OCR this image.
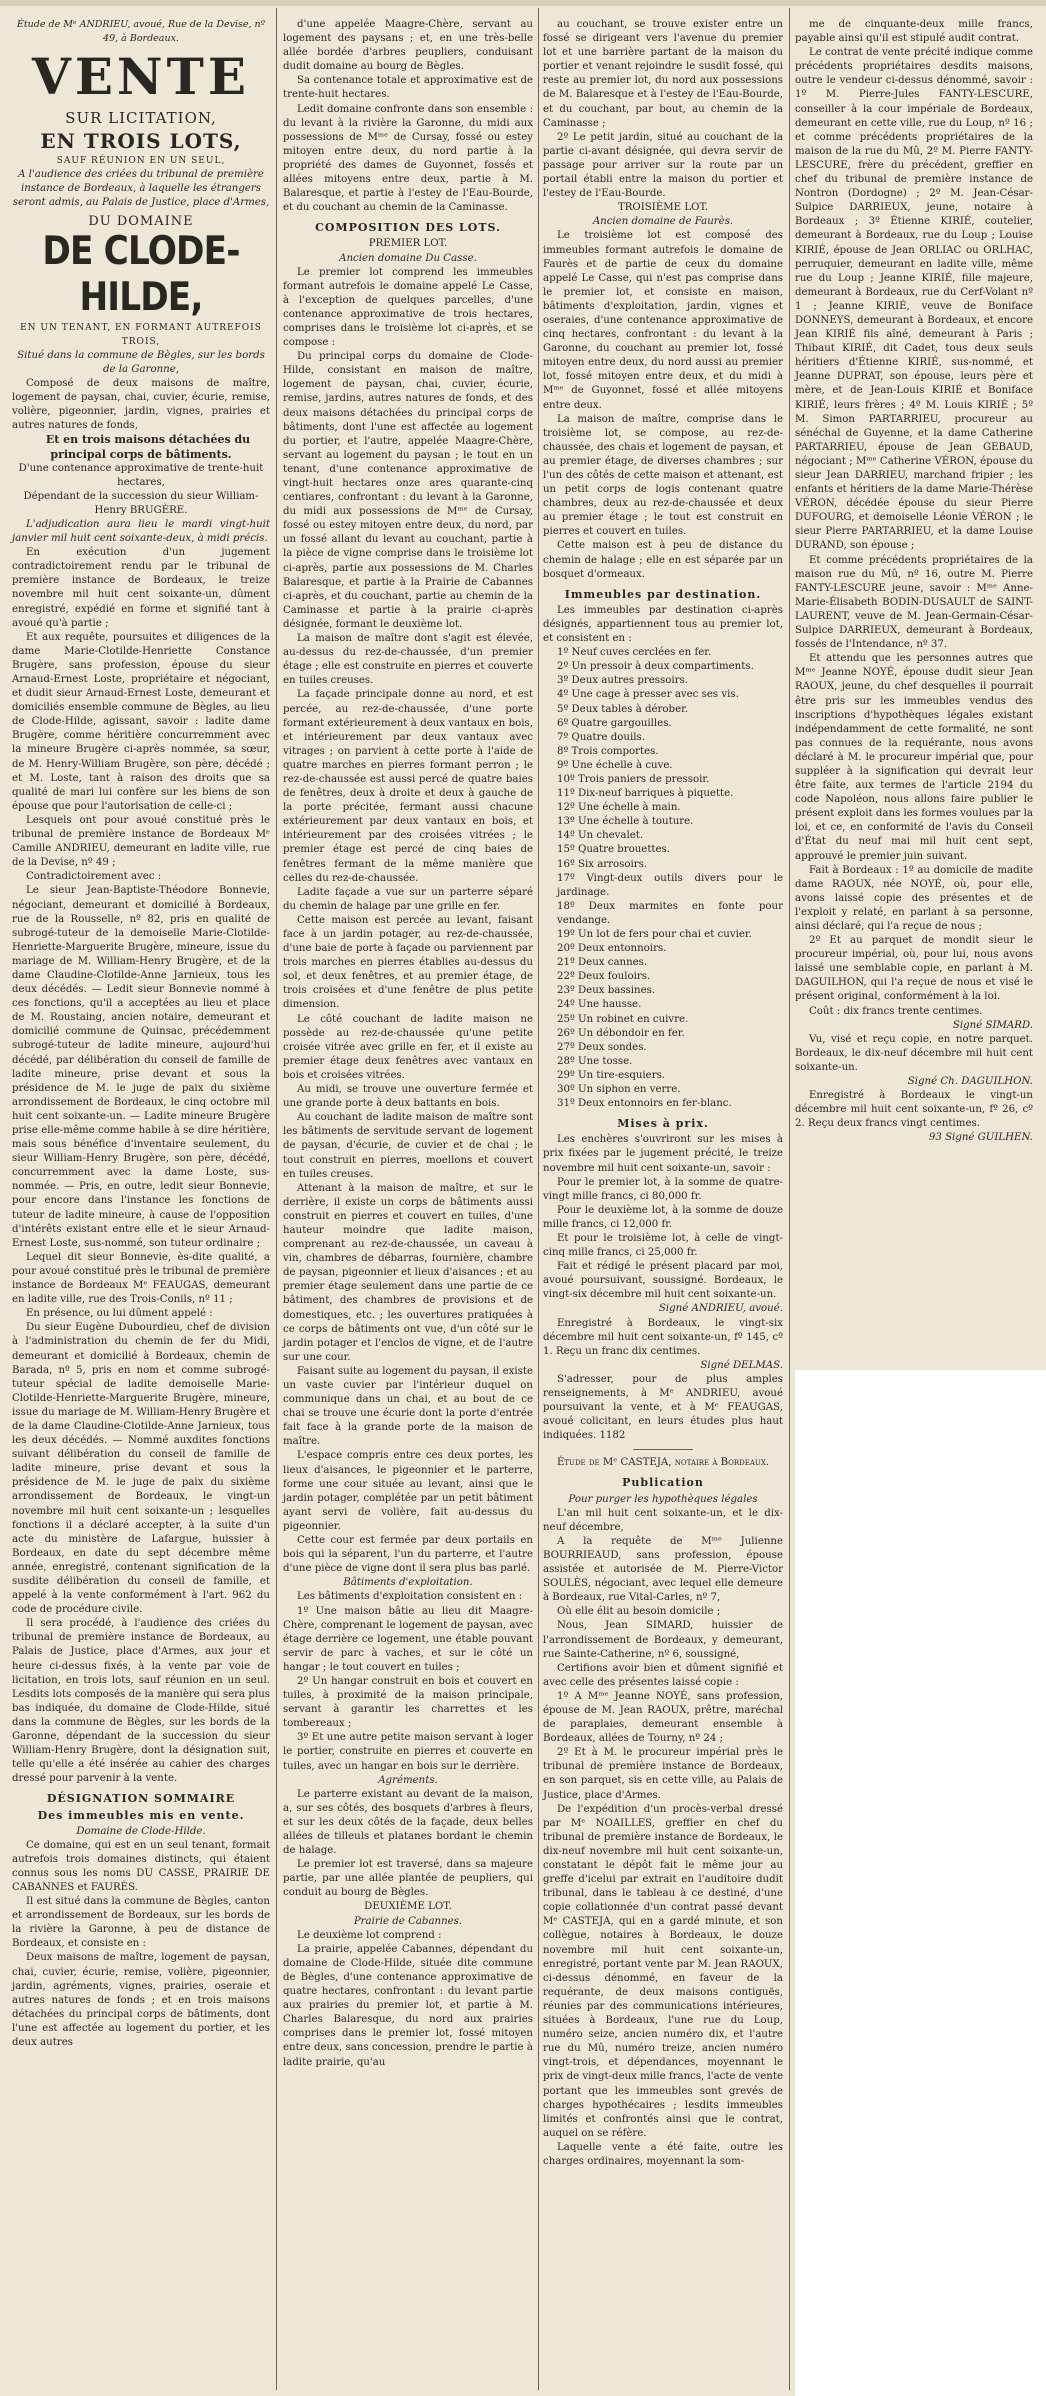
Étude de Mᵉ ANDRIEU, avoué, Rue de la Devise, nº 49, à Bordeaux.

VENTE
SUR LICITATION,
EN TROIS LOTS,
SAUF RÉUNION EN UN SEUL,

A l'audience des criées du tribunal de première instance de Bordeaux, à laquelle les étrangers seront admis, au Palais de Justice, place d'Armes,

DU DOMAINE
DE CLODE-HILDE,
EN UN TENANT, EN FORMANT AUTREFOIS TROIS,

Situé dans la commune de Bègles, sur les bords de la Garonne,

Composé de deux maisons de maître, logement de paysan, chai, cuvier, écurie, remise, volière, pigeonnier, jardin, vignes, prairies et autres natures de fonds,

Et en trois maisons détachées du principal corps de bâtiments.

D'une contenance approximative de trente-huit hectares,

Dépendant de la succession du sieur William-Henry BRUGÈRE.

L'adjudication aura lieu le mardi vingt-huit janvier mil huit cent soixante-deux, à midi précis.

En exécution d'un jugement contradictoirement rendu par le tribunal de première instance de Bordeaux, le treize novembre mil huit cent soixante-un, dûment enregistré, expédié en forme et signifié tant à avoué qu'à partie ;

Et aux requête, poursuites et diligences de la dame Marie-Clotilde-Henriette Constance Brugère, sans profession, épouse du sieur Arnaud-Ernest Loste, propriétaire et négociant, et dudit sieur Arnaud-Ernest Loste, demeurant et domiciliés ensemble commune de Bègles, au lieu de Clode-Hilde, agissant, savoir : ladite dame Brugère, comme héritière concurremment avec la mineure Brugère ci-après nommée, sa sœur, de M. Henry-William Brugère, son père, décédé ; et M. Loste, tant à raison des droits que sa qualité de mari lui confère sur les biens de son épouse que pour l'autorisation de celle-ci ;

Lesquels ont pour avoué constitué près le tribunal de première instance de Bordeaux Mᵉ Camille ANDRIEU, demeurant en ladite ville, rue de la Devise, nº 49 ;

Contradictoirement avec :

Le sieur Jean-Baptiste-Théodore Bonnevie, négociant, demeurant et domicilié à Bordeaux, rue de la Rousselle, nº 82, pris en qualité de subrogé-tuteur de la demoiselle Marie-Clotilde-Henriette-Marguerite Brugère, mineure, issue du mariage de M. William-Henry Brugère, et de la dame Claudine-Clotilde-Anne Jarnieux, tous les deux décédés. — Ledit sieur Bonnevie nommé à ces fonctions, qu'il a acceptées au lieu et place de M. Roustaing, ancien notaire, demeurant et domicilié commune de Quinsac, précédemment subrogé-tuteur de ladite mineure, aujourd'hui décédé, par délibération du conseil de famille de ladite mineure, prise devant et sous la présidence de M. le juge de paix du sixième arrondissement de Bordeaux, le cinq octobre mil huit cent soixante-un. — Ladite mineure Brugère prise elle-même comme habile à se dire héritière, mais sous bénéfice d'inventaire seulement, du sieur William-Henry Brugère, son père, décédé, concurremment avec la dame Loste, sus-nommée. — Pris, en outre, ledit sieur Bonnevie, pour encore dans l'instance les fonctions de tuteur de ladite mineure, à cause de l'opposition d'intérêts existant entre elle et le sieur Arnaud-Ernest Loste, sus-nommé, son tuteur ordinaire ;

Lequel dit sieur Bonnevie, ès-dite qualité, a pour avoué constitué près le tribunal de première instance de Bordeaux Mᵉ FEAUGAS, demeurant en ladite ville, rue des Trois-Conils, nº 11 ;

En présence, ou lui dûment appelé :

Du sieur Eugène Dubourdieu, chef de division à l'administration du chemin de fer du Midi, demeurant et domicilié à Bordeaux, chemin de Barada, nº 5, pris en nom et comme subrogé-tuteur spécial de ladite demoiselle Marie-Clotilde-Henriette-Marguerite Brugère, mineure, issue du mariage de M. William-Henry Brugère et de la dame Claudine-Clotilde-Anne Jarnieux, tous les deux décédés. — Nommé auxdites fonctions suivant délibération du conseil de famille de ladite mineure, prise devant et sous la présidence de M. le juge de paix du sixième arrondissement de Bordeaux, le vingt-un novembre mil huit cent soixante-un ; lesquelles fonctions il a déclaré accepter, à la suite d'un acte du ministère de Lafargue, huissier à Bordeaux, en date du sept décembre même année, enregistré, contenant signification de la susdite délibération du conseil de famille, et appelé à la vente conformément à l'art. 962 du code de procédure civile.

Il sera procédé, à l'audience des criées du tribunal de première instance de Bordeaux, au Palais de Justice, place d'Armes, aux jour et heure ci-dessus fixés, à la vente par voie de licitation, en trois lots, sauf réunion en un seul. Lesdits lots composés de la manière qui sera plus bas indiquée, du domaine de Clode-Hilde, situé dans la commune de Bègles, sur les bords de la Garonne, dépendant de la succession du sieur William-Henry Brugère, dont la désignation suit, telle qu'elle a été insérée au cahier des charges dressé pour parvenir à la vente.

DÉSIGNATION SOMMAIRE
Des immeubles mis en vente.

Domaine de Clode-Hilde.

Ce domaine, qui est en un seul tenant, formait autrefois trois domaines distincts, qui étaient connus sous les noms DU CASSE, PRAIRIE DE CABANNES et FAURÈS.

Il est situé dans la commune de Bègles, canton et arrondissement de Bordeaux, sur les bords de la rivière la Garonne, à peu de distance de Bordeaux, et consiste en :

Deux maisons de maître, logement de paysan, chai, cuvier, écurie, remise, volière, pigeonnier, jardin, agréments, vignes, prairies, oseraie et autres natures de fonds ; et en trois maisons détachées du principal corps de bâtiments, dont l'une est affectée au logement du portier, et les deux autres

d'une appelée Maagre-Chère, servant au logement des paysans ; et, en une très-belle allée bordée d'arbres peupliers, conduisant dudit domaine au bourg de Bègles.

Sa contenance totale et approximative est de trente-huit hectares.

Ledit domaine confronte dans son ensemble : du levant à la rivière la Garonne, du midi aux possessions de Mᵐᵉ de Cursay, fossé ou estey mitoyen entre deux, du nord partie à la propriété des dames de Guyonnet, fossés et allées mitoyens entre deux, partie à M. Balaresque, et partie à l'estey de l'Eau-Bourde, et du couchant au chemin de la Caminasse.

COMPOSITION DES LOTS.

PREMIER LOT.

Ancien domaine Du Casse.

Le premier lot comprend les immeubles formant autrefois le domaine appelé Le Casse, à l'exception de quelques parcelles, d'une contenance approximative de trois hectares, comprises dans le troisième lot ci-après, et se compose :

Du principal corps du domaine de Clode-Hilde, consistant en maison de maître, logement de paysan, chai, cuvier, écurie, remise, jardins, autres natures de fonds, et des deux maisons détachées du principal corps de bâtiments, dont l'une est affectée au logement du portier, et l'autre, appelée Maagre-Chère, servant au logement du paysan ; le tout en un tenant, d'une contenance approximative de vingt-huit hectares onze ares quarante-cinq centiares, confrontant : du levant à la Garonne, du midi aux possessions de Mᵐᵉ de Cursay, fossé ou estey mitoyen entre deux, du nord, par un fossé allant du levant au couchant, partie à la pièce de vigne comprise dans le troisième lot ci-après, partie aux possessions de M. Charles Balaresque, et partie à la Prairie de Cabannes ci-après, et du couchant, partie au chemin de la Caminasse et partie à la prairie ci-après désignée, formant le deuxième lot.

La maison de maître dont s'agit est élevée, au-dessus du rez-de-chaussée, d'un premier étage ; elle est construite en pierres et couverte en tuiles creuses.

La façade principale donne au nord, et est percée, au rez-de-chaussée, d'une porte formant extérieurement à deux vantaux en bois, et intérieurement par deux vantaux avec vitrages ; on parvient à cette porte à l'aide de quatre marches en pierres formant perron ; le rez-de-chaussée est aussi percé de quatre baies de fenêtres, deux à droite et deux à gauche de la porte précitée, fermant aussi chacune extérieurement par deux vantaux en bois, et intérieurement par des croisées vitrées ; le premier étage est percé de cinq baies de fenêtres fermant de la même manière que celles du rez-de-chaussée.

Ladite façade a vue sur un parterre séparé du chemin de halage par une grille en fer.

Cette maison est percée au levant, faisant face à un jardin potager, au rez-de-chaussée, d'une baie de porte à façade ou parviennent par trois marches en pierres établies au-dessus du sol, et deux fenêtres, et au premier étage, de trois croisées et d'une fenêtre de plus petite dimension.

Le côté couchant de ladite maison ne possède au rez-de-chaussée qu'une petite croisée vitrée avec grille en fer, et il existe au premier étage deux fenêtres avec vantaux en bois et croisées vitrées.

Au midi, se trouve une ouverture fermée et une grande porte à deux battants en bois.

Au couchant de ladite maison de maître sont les bâtiments de servitude servant de logement de paysan, d'écurie, de cuvier et de chai ; le tout construit en pierres, moellons et couvert en tuiles creuses.

Attenant à la maison de maître, et sur le derrière, il existe un corps de bâtiments aussi construit en pierres et couvert en tuiles, d'une hauteur moindre que ladite maison, comprenant au rez-de-chaussée, un caveau à vin, chambres de débarras, fournière, chambre de paysan, pigeonnier et lieux d'aisances ; et au premier étage seulement dans une partie de ce bâtiment, des chambres de provisions et de domestiques, etc. ; les ouvertures pratiquées à ce corps de bâtiments ont vue, d'un côté sur le jardin potager et l'enclos de vigne, et de l'autre sur une cour.

Faisant suite au logement du paysan, il existe un vaste cuvier par l'intérieur duquel on communique dans un chai, et au bout de ce chai se trouve une écurie dont la porte d'entrée fait face à la grande porte de la maison de maître.

L'espace compris entre ces deux portes, les lieux d'aisances, le pigeonnier et le parterre, forme une cour située au levant, ainsi que le jardin potager, complétée par un petit bâtiment ayant servi de volière, fait au-dessus du pigeonnier.

Cette cour est fermée par deux portails en bois qui la séparent, l'un du parterre, et l'autre d'une pièce de vigne dont il sera plus bas parlé.

Bâtiments d'exploitation.

Les bâtiments d'exploitation consistent en :

1º Une maison bâtie au lieu dit Maagre-Chère, comprenant le logement de paysan, avec étage derrière ce logement, une étable pouvant servir de parc à vaches, et sur le côté un hangar ; le tout couvert en tuiles ;

2º Un hangar construit en bois et couvert en tuiles, à proximité de la maison principale, servant à garantir les charrettes et les tombereaux ;

3º Et une autre petite maison servant à loger le portier, construite en pierres et couverte en tuiles, avec un hangar en bois sur le derrière.

Agréments.

Le parterre existant au devant de la maison, a, sur ses côtés, des bosquets d'arbres à fleurs, et sur les deux côtés de la façade, deux belles allées de tilleuls et platanes bordant le chemin de halage.

Le premier lot est traversé, dans sa majeure partie, par une allée plantée de peupliers, qui conduit au bourg de Bègles.

DEUXIÈME LOT.

Prairie de Cabannes.

Le deuxième lot comprend :

La prairie, appelée Cabannes, dépendant du domaine de Clode-Hilde, située dite commune de Bègles, d'une contenance approximative de quatre hectares, confrontant : du levant partie aux prairies du premier lot, et partie à M. Charles Balaresque, du nord aux prairies comprises dans le premier lot, fossé mitoyen entre deux, sans concession, prendre le partie à ladite prairie, qu'au

au couchant, se trouve exister entre un fossé se dirigeant vers l'avenue du premier lot et une barrière partant de la maison du portier et venant rejoindre le susdit fossé, qui reste au premier lot, du nord aux possessions de M. Balaresque et à l'estey de l'Eau-Bourde, et du couchant, par bout, au chemin de la Caminasse ;

2º Le petit jardin, situé au couchant de la partie ci-avant désignée, qui devra servir de passage pour arriver sur la route par un portail établi entre la maison du portier et l'estey de l'Eau-Bourde.

TROISIÈME LOT.

Ancien domaine de Faurès.

Le troisième lot est composé des immeubles formant autrefois le domaine de Faurès et de partie de ceux du domaine appelé Le Casse, qui n'est pas comprise dans le premier lot, et consiste en maison, bâtiments d'exploitation, jardin, vignes et oseraies, d'une contenance approximative de cinq hectares, confrontant : du levant à la Garonne, du couchant au premier lot, fossé mitoyen entre deux, du nord aussi au premier lot, fossé mitoyen entre deux, et du midi à Mᵐᵉ de Guyonnet, fossé et allée mitoyens entre deux.

La maison de maître, comprise dans le troisième lot, se compose, au rez-de-chaussée, des chais et logement de paysan, et au premier étage, de diverses chambres ; sur l'un des côtés de cette maison et attenant, est un petit corps de logis contenant quatre chambres, deux au rez-de-chaussée et deux au premier étage ; le tout est construit en pierres et couvert en tuiles.

Cette maison est à peu de distance du chemin de halage ; elle en est séparée par un bosquet d'ormeaux.

Immeubles par destination.

Les immeubles par destination ci-après désignés, appartiennent tous au premier lot, et consistent en :

1º Neuf cuves cerclées en fer.

2º Un pressoir à deux compartiments.

3º Deux autres pressoirs.

4º Une cage à presser avec ses vis.

5º Deux tables à dérober.

6º Quatre gargouilles.

7º Quatre douils.

8º Trois comportes.

9º Une échelle à cuve.

10º Trois paniers de pressoir.

11º Dix-neuf barriques à piquette.

12º Une échelle à main.

13º Une échelle à touture.

14º Un chevalet.

15º Quatre brouettes.

16º Six arrosoirs.

17º Vingt-deux outils divers pour le jardinage.

18º Deux marmites en fonte pour vendange.

19º Un lot de fers pour chai et cuvier.

20º Deux entonnoirs.

21º Deux cannes.

22º Deux fouloirs.

23º Deux bassines.

24º Une hausse.

25º Un robinet en cuivre.

26º Un débondoir en fer.

27º Deux sondes.

28º Une tosse.

29º Un tire-esquiers.

30º Un siphon en verre.

31º Deux entonnoirs en fer-blanc.

Mises à prix.

Les enchères s'ouvriront sur les mises à prix fixées par le jugement précité, le treize novembre mil huit cent soixante-un, savoir :

Pour le premier lot, à la somme de quatre-vingt mille francs, ci 80,000 fr.

Pour le deuxième lot, à la somme de douze mille francs, ci 12,000 fr.

Et pour le troisième lot, à celle de vingt-cinq mille francs, ci 25,000 fr.

Fait et rédigé le présent placard par moi, avoué poursuivant, soussigné. Bordeaux, le vingt-six décembre mil huit cent soixante-un.

Signé ANDRIEU, avoué.

Enregistré à Bordeaux, le vingt-six décembre mil huit cent soixante-un, fº 145, cº 1. Reçu un franc dix centimes.

Signé DELMAS.

S'adresser, pour de plus amples renseignements, à Mᵉ ANDRIEU, avoué poursuivant la vente, et à Mᵉ FEAUGAS, avoué colicitant, en leurs études plus haut indiquées. 1182

Étude de Mᵉ CASTEJA, notaire à Bordeaux.

Publication

Pour purger les hypothèques légales

L'an mil huit cent soixante-un, et le dix-neuf décembre,

A la requête de Mᵐᵉ Julienne BOURRIEAUD, sans profession, épouse assistée et autorisée de M. Pierre-Victor SOULÈS, négociant, avec lequel elle demeure à Bordeaux, rue Vital-Carles, nº 7,

Où elle élit au besoin domicile ;

Nous, Jean SIMARD, huissier de l'arrondissement de Bordeaux, y demeurant, rue Sainte-Catherine, nº 6, soussigné,

Certifions avoir bien et dûment signifié et avec celle des présentes laissé copie :

1º A Mᵐᵉ Jeanne NOYÉ, sans profession, épouse de M. Jean RAOUX, prêtre, maréchal de paraplaies, demeurant ensemble à Bordeaux, allées de Tourny, nº 24 ;

2º Et à M. le procureur impérial près le tribunal de première instance de Bordeaux, en son parquet, sis en cette ville, au Palais de Justice, place d'Armes.

De l'expédition d'un procès-verbal dressé par Mᵉ NOAILLES, greffier en chef du tribunal de première instance de Bordeaux, le dix-neuf novembre mil huit cent soixante-un, constatant le dépôt fait le même jour au greffe d'icelui par extrait en l'auditoire dudit tribunal, dans le tableau à ce destiné, d'une copie collationnée d'un contrat passé devant Mᵉ CASTEJA, qui en a gardé minute, et son collègue, notaires à Bordeaux, le douze novembre mil huit cent soixante-un, enregistré, portant vente par M. Jean RAOUX, ci-dessus dénommé, en faveur de la requérante, de deux maisons contiguës, réunies par des communications intérieures, situées à Bordeaux, l'une rue du Loup, numéro seize, ancien numéro dix, et l'autre rue du Mû, numéro treize, ancien numéro vingt-trois, et dépendances, moyennant le prix de vingt-deux mille francs, l'acte de vente portant que les immeubles sont grevés de charges hypothécaires ; lesdits immeubles limités et confrontés ainsi que le contrat, auquel on se réfère.

Laquelle vente a été faite, outre les charges ordinaires, moyennant la som-

me de cinquante-deux mille francs, payable ainsi qu'il est stipulé audit contrat.

Le contrat de vente précité indique comme précédents propriétaires desdits maisons, outre le vendeur ci-dessus dénommé, savoir : 1º M. Pierre-Jules FANTY-LESCURE, conseiller à la cour impériale de Bordeaux, demeurant en cette ville, rue du Loup, nº 16 ; et comme précédents propriétaires de la maison de la rue du Mû, 2º M. Pierre FANTY-LESCURE, frère du précédent, greffier en chef du tribunal de première instance de Nontron (Dordogne) ; 2º M. Jean-César-Sulpice DARRIEUX, jeune, notaire à Bordeaux ; 3º Étienne KIRIÉ, coutelier, demeurant à Bordeaux, rue du Loup ; Louise KIRIÉ, épouse de Jean ORLIAC ou ORLHAC, perruquier, demeurant en ladite ville, même rue du Loup ; Jeanne KIRIÉ, fille majeure, demeurant à Bordeaux, rue du Cerf-Volant nº 1 ; Jeanne KIRIÉ, veuve de Boniface DONNEYS, demeurant à Bordeaux, et encore Jean KIRIÉ fils aîné, demeurant à Paris ; Thibaut KIRIÉ, dit Cadet, tous deux seuls héritiers d'Étienne KIRIÉ, sus-nommé, et Jeanne DUPRAT, son épouse, leurs père et mère, et de Jean-Louis KIRIÉ et Boniface KIRIÉ, leurs frères ; 4º M. Louis KIRIÉ ; 5º M. Simon PARTARRIEU, procureur au sénéchal de Guyenne, et la dame Catherine PARTARRIEU, épouse de Jean GEBAUD, négociant ; Mᵐᵉ Catherine VÉRON, épouse du sieur Jean DARRIEU, marchand fripier ; les enfants et héritiers de la dame Marie-Thérèse VÉRON, décédée épouse du sieur Pierre DUFOURG, et demoiselle Léonie VÉRON ; le sieur Pierre PARTARRIEU, et la dame Louise DURAND, son épouse ;

Et comme précédents propriétaires de la maison rue du Mû, nº 16, outre M. Pierre FANTY-LESCURE jeune, savoir : Mᵐᵉ Anne-Marie-Élisabeth BODIN-DUSAULT de SAINT-LAURENT, veuve de M. Jean-Germain-César-Sulpice DARRIEUX, demeurant à Bordeaux, fossés de l'Intendance, nº 37.

Et attendu que les personnes autres que Mᵐᵉ Jeanne NOYÉ, épouse dudit sieur Jean RAOUX, jeune, du chef desquelles il pourrait être pris sur les immeubles vendus des inscriptions d'hypothèques légales existant indépendamment de cette formalité, ne sont pas connues de la requérante, nous avons déclaré à M. le procureur impérial que, pour suppléer à la signification qui devrait leur être faite, aux termes de l'article 2194 du code Napoléon, nous allons faire publier le présent exploit dans les formes voulues par la loi, et ce, en conformité de l'avis du Conseil d'État du neuf mai mil huit cent sept, approuvé le premier juin suivant.

Fait à Bordeaux : 1º au domicile de madite dame RAOUX, née NOYÉ, où, pour elle, avons laissé copie des présentes et de l'exploit y relaté, en parlant à sa personne, ainsi déclaré, qui l'a reçue de nous ;

2º Et au parquet de mondit sieur le procureur impérial, où, pour lui, nous avons laissé une semblable copie, en parlant à M. DAGUILHON, qui l'a reçue de nous et visé le présent original, conformément à la loi.

Coût : dix francs trente centimes.

Signé SIMARD.

Vu, visé et reçu copie, en notre parquet. Bordeaux, le dix-neuf décembre mil huit cent soixante-un.

Signé Ch. DAGUILHON.

Enregistré à Bordeaux le vingt-un décembre mil huit cent soixante-un, fº 26, cº 2. Reçu deux francs vingt centimes.

93 Signé GUILHEN.
